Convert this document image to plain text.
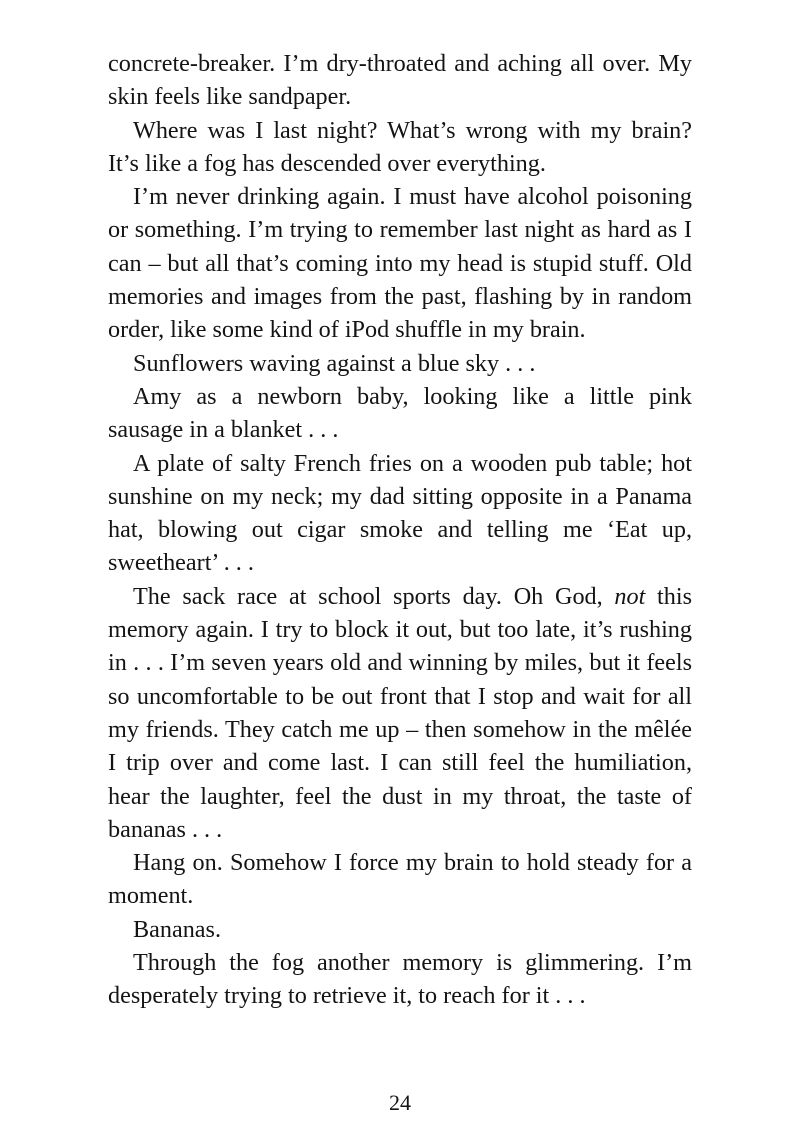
concrete-breaker. I’m dry-throated and aching all over. My skin feels like sandpaper.

Where was I last night? What’s wrong with my brain? It’s like a fog has descended over everything.

I’m never drinking again. I must have alcohol poisoning or something. I’m trying to remember last night as hard as I can – but all that’s coming into my head is stupid stuff. Old memories and images from the past, flashing by in random order, like some kind of iPod shuffle in my brain.

Sunflowers waving against a blue sky . . .

Amy as a newborn baby, looking like a little pink sausage in a blanket . . .

A plate of salty French fries on a wooden pub table; hot sunshine on my neck; my dad sitting opposite in a Panama hat, blowing out cigar smoke and telling me ‘Eat up, sweetheart’ . . .

The sack race at school sports day. Oh God, not this memory again. I try to block it out, but too late, it’s rushing in . . . I’m seven years old and winning by miles, but it feels so uncomfortable to be out front that I stop and wait for all my friends. They catch me up – then somehow in the mêlée I trip over and come last. I can still feel the humiliation, hear the laughter, feel the dust in my throat, the taste of bananas . . .

Hang on. Somehow I force my brain to hold steady for a moment.

Bananas.

Through the fog another memory is glimmering. I’m desperately trying to retrieve it, to reach for it . . .

24
